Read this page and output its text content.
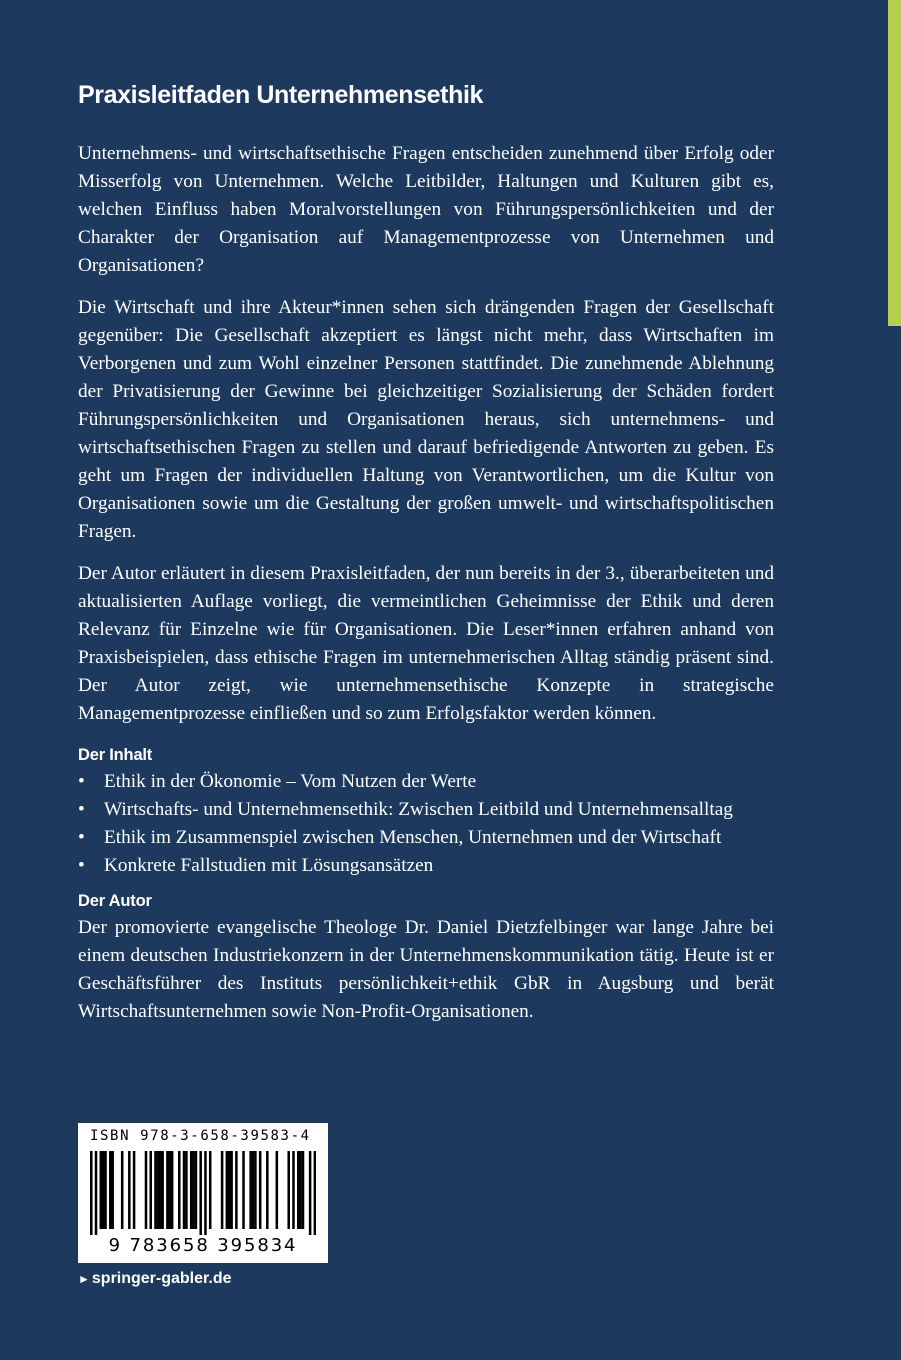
Praxisleitfaden Unternehmensethik

Unternehmens- und wirtschaftsethische Fragen entscheiden zunehmend über Erfolg oder Misserfolg von Unternehmen. Welche Leitbilder, Haltungen und Kulturen gibt es, welchen Einfluss haben Moralvorstellungen von Führungspersönlichkeiten und der Charakter der Organisation auf Managementprozesse von Unternehmen und Organisationen?

Die Wirtschaft und ihre Akteur*innen sehen sich drängenden Fragen der Gesellschaft gegenüber: Die Gesellschaft akzeptiert es längst nicht mehr, dass Wirtschaften im Verborgenen und zum Wohl einzelner Personen stattfindet. Die zunehmende Ablehnung der Privatisierung der Gewinne bei gleichzeitiger Sozialisierung der Schäden fordert Führungspersönlichkeiten und Organisationen heraus, sich unternehmens- und wirtschaftsethischen Fragen zu stellen und darauf befriedigende Antworten zu geben. Es geht um Fragen der individuellen Haltung von Verantwortlichen, um die Kultur von Organisationen sowie um die Gestaltung der großen umwelt- und wirtschaftspolitischen Fragen.

Der Autor erläutert in diesem Praxisleitfaden, der nun bereits in der 3., überarbeiteten und aktualisierten Auflage vorliegt, die vermeintlichen Geheimnisse der Ethik und deren Relevanz für Einzelne wie für Organisationen. Die Leser*innen erfahren anhand von Praxisbeispielen, dass ethische Fragen im unternehmerischen Alltag ständig präsent sind. Der Autor zeigt, wie unternehmensethische Konzepte in strategische Managementprozesse einfließen und so zum Erfolgsfaktor werden können.

Der Inhalt
• Ethik in der Ökonomie – Vom Nutzen der Werte
• Wirtschafts- und Unternehmensethik: Zwischen Leitbild und Unternehmensalltag
• Ethik im Zusammenspiel zwischen Menschen, Unternehmen und der Wirtschaft
• Konkrete Fallstudien mit Lösungsansätzen
Der Autor

Der promovierte evangelische Theologe Dr. Daniel Dietzfelbinger war lange Jahre bei einem deutschen Industriekonzern in der Unternehmenskommunikation tätig. Heute ist er Geschäftsführer des Instituts persönlichkeit+ethik GbR in Augsburg und berät Wirtschaftsunternehmen sowie Non-Profit-Organisationen.

ISBN 978-3-658-39583-4
9 783658 395834
► springer-gabler.de
